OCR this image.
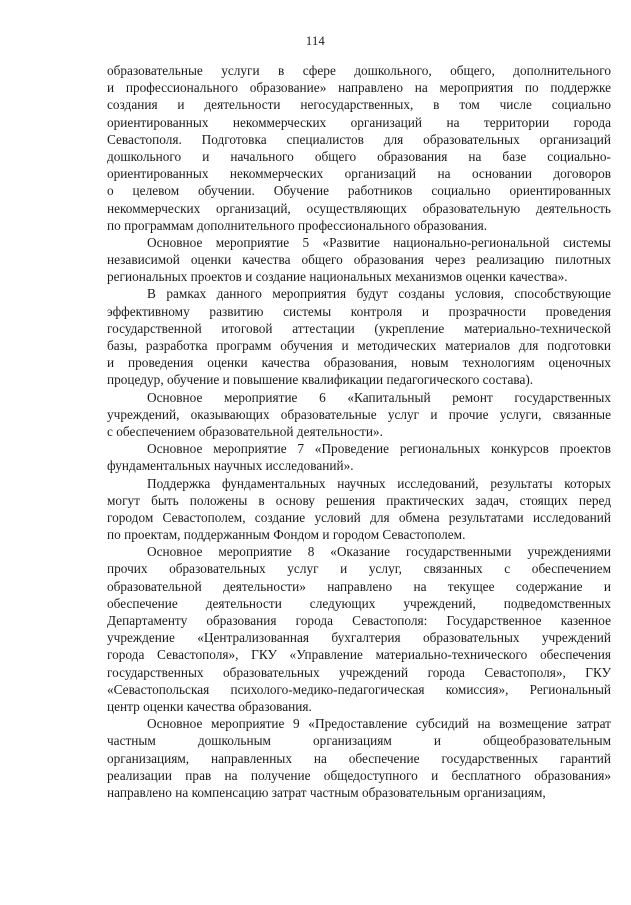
114
образовательные услуги в сфере дошкольного, общего, дополнительного
и профессионального образование» направлено на мероприятия по поддержке
создания и деятельности негосударственных, в том числе социально
ориентированных некоммерческих организаций на территории города
Севастополя. Подготовка специалистов для образовательных организаций
дошкольного и начального общего образования на базе социально-
ориентированных некоммерческих организаций на основании договоров
о целевом обучении. Обучение работников социально ориентированных
некоммерческих организаций, осуществляющих образовательную деятельность
по программам дополнительного профессионального образования.
Основное мероприятие 5 «Развитие национально-региональной системы
независимой оценки качества общего образования через реализацию пилотных
региональных проектов и создание национальных механизмов оценки качества».
В рамках данного мероприятия будут созданы условия, способствующие
эффективному развитию системы контроля и прозрачности проведения
государственной итоговой аттестации (укрепление материально-технической
базы, разработка программ обучения и методических материалов для подготовки
и проведения оценки качества образования, новым технологиям оценочных
процедур, обучение и повышение квалификации педагогического состава).
Основное мероприятие 6 «Капитальный ремонт государственных
учреждений, оказывающих образовательные услуг и прочие услуги, связанные
с обеспечением образовательной деятельности».
Основное мероприятие 7 «Проведение региональных конкурсов проектов
фундаментальных научных исследований».
Поддержка фундаментальных научных исследований, результаты которых
могут быть положены в основу решения практических задач, стоящих перед
городом Севастополем, создание условий для обмена результатами исследований
по проектам, поддержанным Фондом и городом Севастополем.
Основное мероприятие 8 «Оказание государственными учреждениями
прочих образовательных услуг и услуг, связанных с обеспечением
образовательной деятельности» направлено на текущее содержание и
обеспечение деятельности следующих учреждений, подведомственных
Департаменту образования города Севастополя: Государственное казенное
учреждение «Централизованная бухгалтерия образовательных учреждений
города Севастополя», ГКУ «Управление материально-технического обеспечения
государственных образовательных учреждений города Севастополя», ГКУ
«Севастопольская психолого-медико-педагогическая комиссия», Региональный
центр оценки качества образования.
Основное мероприятие 9 «Предоставление субсидий на возмещение затрат
частным дошкольным организациям и общеобразовательным
организациям, направленных на обеспечение государственных гарантий
реализации прав на получение общедоступного и бесплатного образования»
направлено на компенсацию затрат частным образовательным организациям,
